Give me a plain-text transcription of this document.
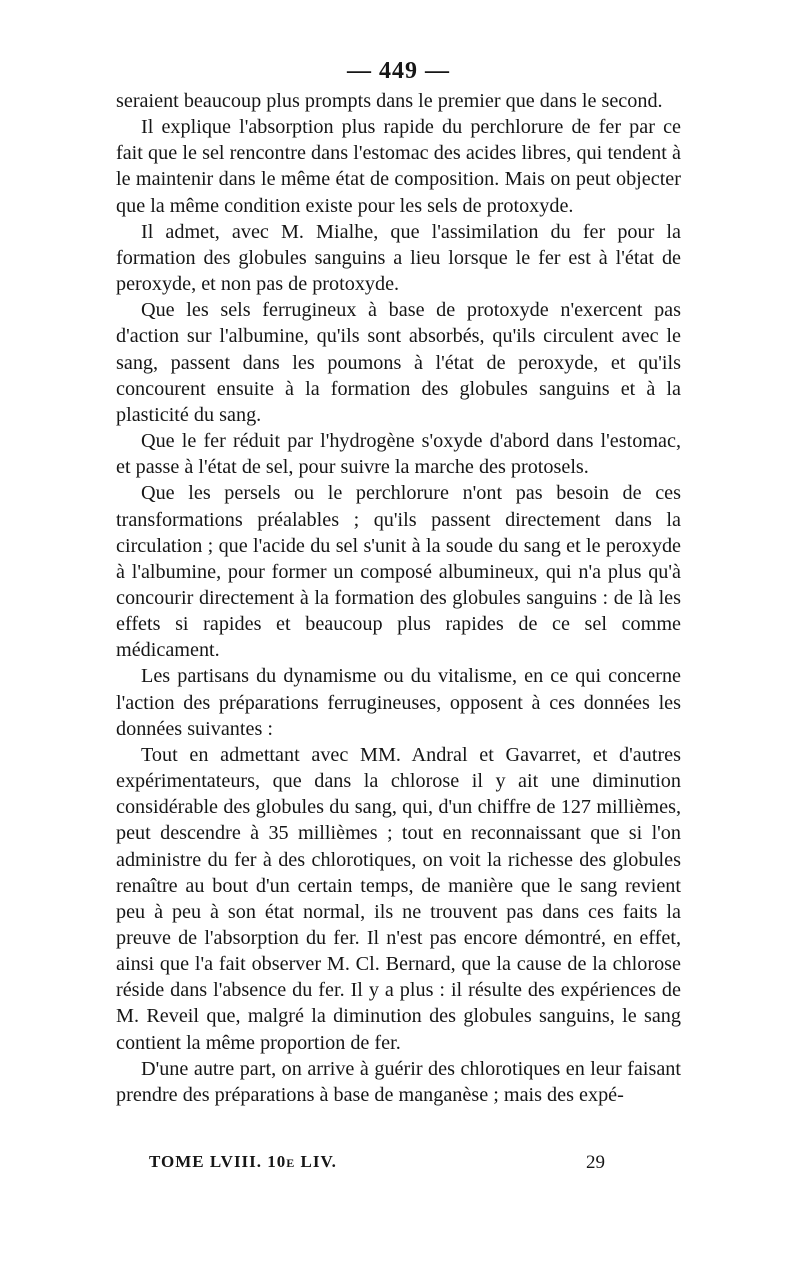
— 449 —

seraient beaucoup plus prompts dans le premier que dans le second.

Il explique l'absorption plus rapide du perchlorure de fer par ce fait que le sel rencontre dans l'estomac des acides libres, qui tendent à le maintenir dans le même état de composition. Mais on peut objecter que la même condition existe pour les sels de protoxyde.

Il admet, avec M. Mialhe, que l'assimilation du fer pour la formation des globules sanguins a lieu lorsque le fer est à l'état de peroxyde, et non pas de protoxyde.

Que les sels ferrugineux à base de protoxyde n'exercent pas d'action sur l'albumine, qu'ils sont absorbés, qu'ils circulent avec le sang, passent dans les poumons à l'état de peroxyde, et qu'ils concourent ensuite à la formation des globules sanguins et à la plasticité du sang.

Que le fer réduit par l'hydrogène s'oxyde d'abord dans l'estomac, et passe à l'état de sel, pour suivre la marche des protosels.

Que les persels ou le perchlorure n'ont pas besoin de ces transformations préalables ; qu'ils passent directement dans la circulation ; que l'acide du sel s'unit à la soude du sang et le peroxyde à l'albumine, pour former un composé albumineux, qui n'a plus qu'à concourir directement à la formation des globules sanguins : de là les effets si rapides et beaucoup plus rapides de ce sel comme médicament.

Les partisans du dynamisme ou du vitalisme, en ce qui concerne l'action des préparations ferrugineuses, opposent à ces données les données suivantes :

Tout en admettant avec MM. Andral et Gavarret, et d'autres expérimentateurs, que dans la chlorose il y ait une diminution considérable des globules du sang, qui, d'un chiffre de 127 millièmes, peut descendre à 35 millièmes ; tout en reconnaissant que si l'on administre du fer à des chlorotiques, on voit la richesse des globules renaître au bout d'un certain temps, de manière que le sang revient peu à peu à son état normal, ils ne trouvent pas dans ces faits la preuve de l'absorption du fer. Il n'est pas encore démontré, en effet, ainsi que l'a fait observer M. Cl. Bernard, que la cause de la chlorose réside dans l'absence du fer. Il y a plus : il résulte des expériences de M. Reveil que, malgré la diminution des globules sanguins, le sang contient la même proportion de fer.

D'une autre part, on arrive à guérir des chlorotiques en leur faisant prendre des préparations à base de manganèse ; mais des expé-

TOME LVIII. 10e LIV.	29
